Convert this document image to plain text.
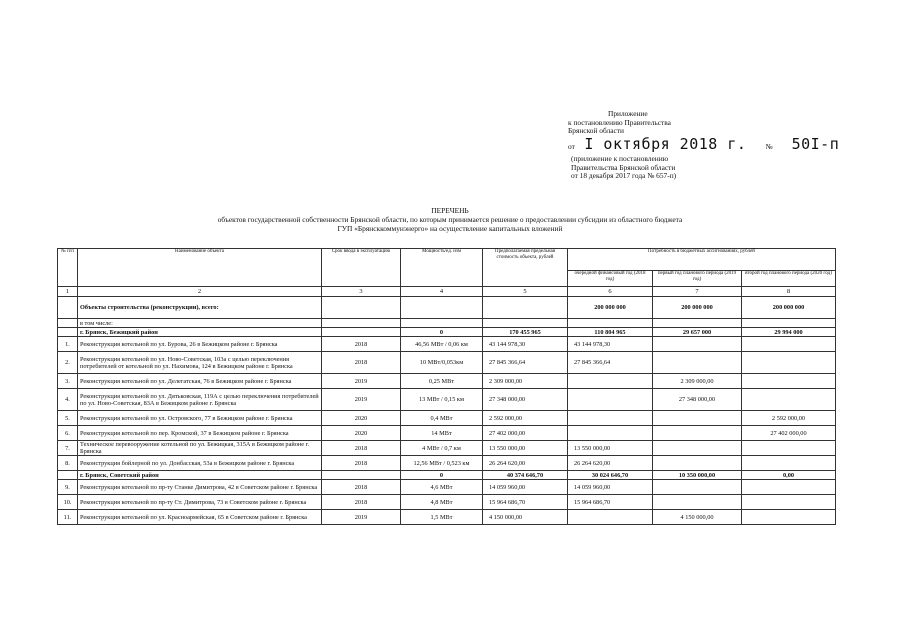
Приложение
к постановлению Правительства
Брянской области
от I октября 2018 г.	№ 50I-п
(приложение к постановлению
Правительства Брянской области
от 18 декабря 2017 года № 657-п)
ПЕРЕЧЕНЬ
объектов государственной собственности Брянской области, по которым принимается решение о предоставлении субсидии из областного бюджета
ГУП «Брянсккоммунэнерго» на осуществление капитальных вложений
№ п/п	Наименование объекта	Срок ввода в эксплуатацию	Мощность/ед. изм	Предполагаемая предельная стоимость объекта, рублей	Потребность в бюджетных ассигнованиях, рублей		
					очередной финансовый год (2018 год)	первый год планового периода (2019 год)	второй год планового периода (2020 год)
1	2	3	4	5	6	7	8
	Объекты строительства (реконструкции), всего:				200 000 000	200 000 000	200 000 000
	в том числе:						
	г. Брянск, Бежицкий район		0	170 455 965	110 804 965	29 657 000	29 994 000
1.	Реконструкция котельной по ул. Бурова, 26 в Бежицком районе г. Брянска	2018	46,56 МВт / 0,06 км	43 144 978,30	43 144 978,30		
2.	Реконструкция котельной по ул. Ново-Советская, 103а с целью переключения потребителей от котельной по ул. Нахимова, 124 в Бежицком районе г. Брянска	2018	10 МВт/0,053км	27 845 366,64	27 845 366,64		
3.	Реконструкция котельной по ул. Делегатская, 76 в Бежицком районе г. Брянска	2019	0,25 МВт	2 309 000,00		2 309 000,00	
4.	Реконструкция котельной по ул. Дятьковская, 119А с целью переключения потребителей по ул. Ново-Советская, 83А в Бежицком районе г. Брянска	2019	13 МВт / 0,15 км	27 348 000,00		27 348 000,00	
5.	Реконструкция котельной по ул. Островского, 77 в Бежицком районе г. Брянска	2020	0,4 МВт	2 592 000,00			2 592 000,00
6.	Реконструкция котельной по пер. Кромской, 37 в Бежицком районе г. Брянска	2020	14 МВт	27 402 000,00			27 402 000,00
7.	Техническое перевооружение котельной по ул. Бежицкая, 315А в Бежицком районе г. Брянска	2018	4 МВт / 0,7 км	13 550 000,00	13 550 000,00		
8.	Реконструкция бойлерной по ул. Донбасская, 53а в Бежицком районе г. Брянска	2018	12,56 МВт / 0,523 км	26 264 620,00	26 264 620,00		
	г. Брянск, Советский район		0	40 374 646,70	30 024 646,70	10 350 000,00	0,00
9.	Реконструкция котельной по пр-ту Станке Димитрова, 42 в Советском районе г. Брянска	2018	4,6 МВт	14 059 960,00	14 059 960,00		
10.	Реконструкция котельной по пр-ту Ст. Димитрова, 73 в Советском районе г. Брянска	2018	4,8 МВт	15 964 686,70	15 964 686,70		
11.	Реконструкция котельной по ул. Красноармейская, 65 в Советском районе г. Брянска	2019	1,5 МВт	4 150 000,00		4 150 000,00	
